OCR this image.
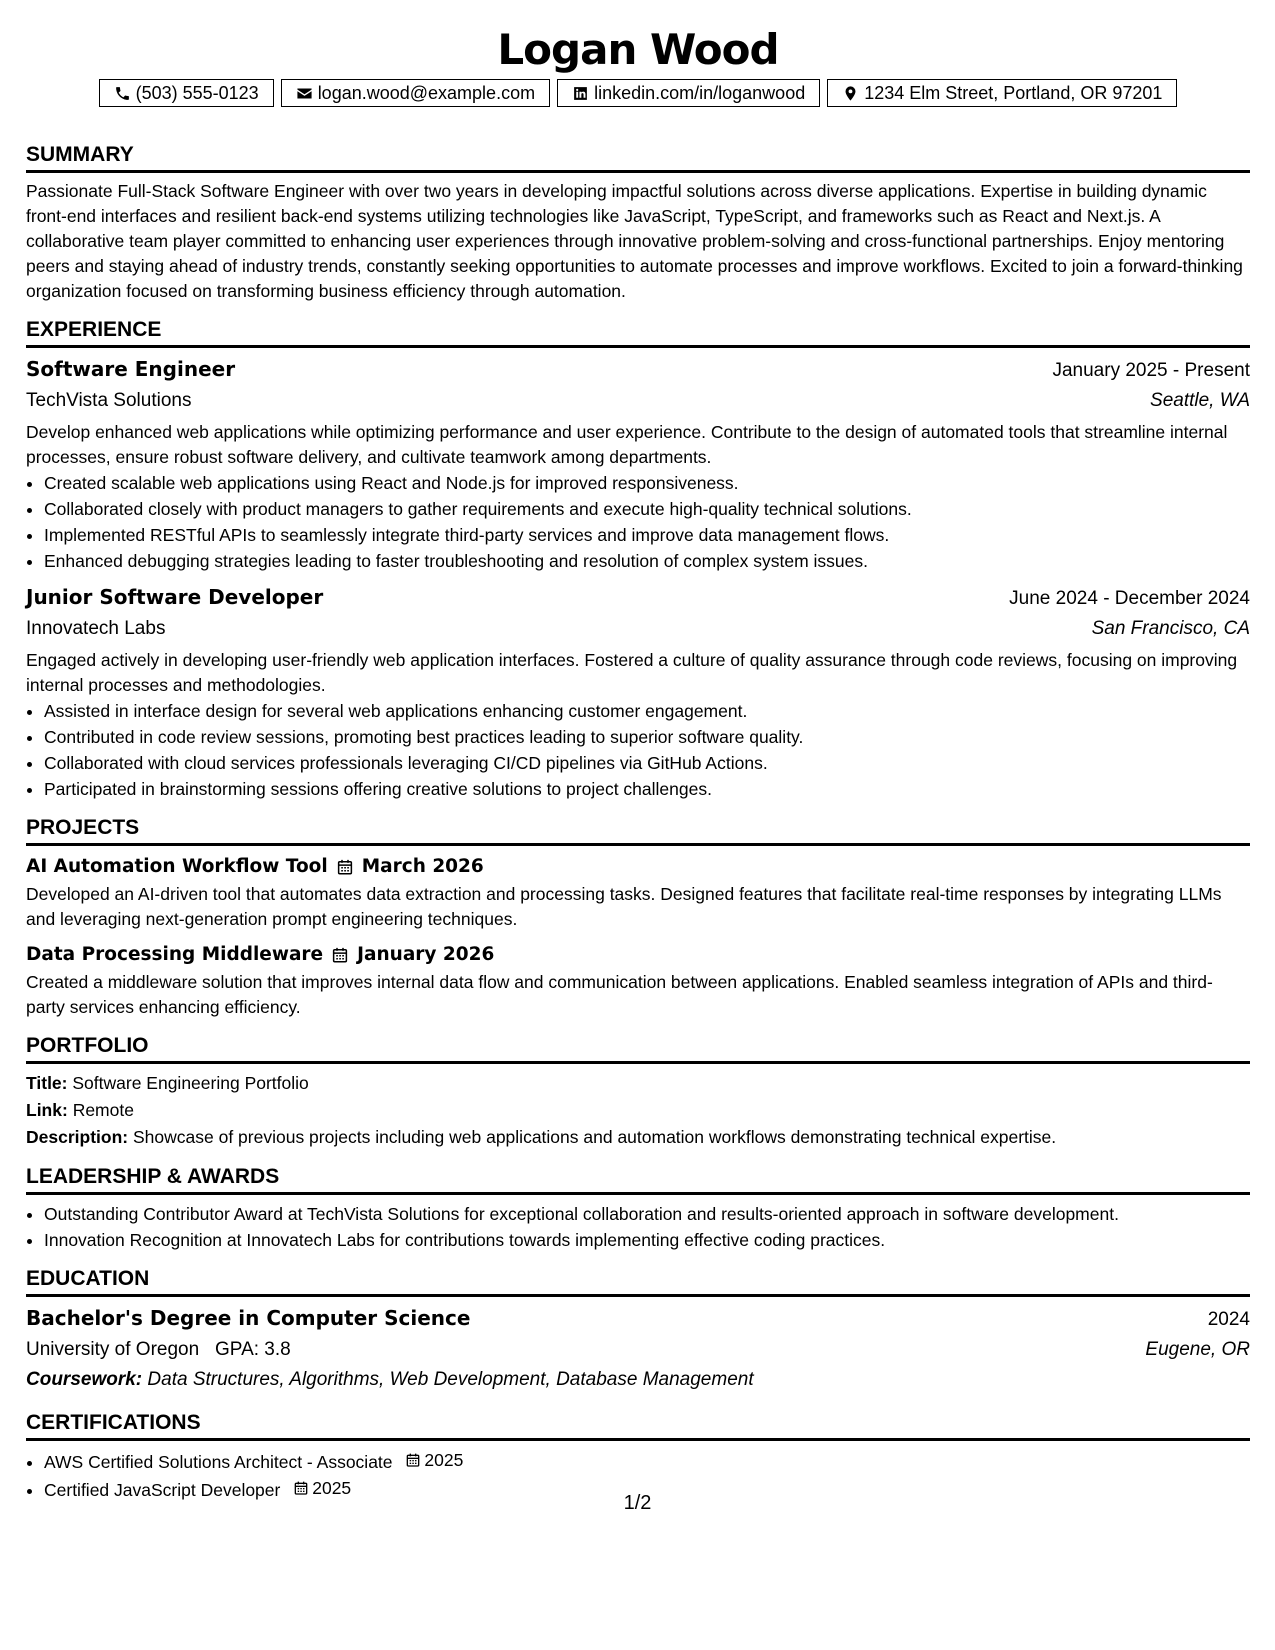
Logan Wood
(503) 555-0123	logan.wood@example.com	linkedin.com/in/loganwood	1234 Elm Street, Portland, OR 97201
SUMMARY

Passionate Full-Stack Software Engineer with over two years in developing impactful solutions across diverse applications. Expertise in building dynamic front-end interfaces and resilient back-end systems utilizing technologies like JavaScript, TypeScript, and frameworks such as React and Next.js. A collaborative team player committed to enhancing user experiences through innovative problem-solving and cross-functional partnerships. Enjoy mentoring peers and staying ahead of industry trends, constantly seeking opportunities to automate processes and improve workflows. Excited to join a forward-thinking organization focused on transforming business efficiency through automation.

EXPERIENCE
Software Engineer	January 2025 - Present
TechVista Solutions	Seattle, WA

Develop enhanced web applications while optimizing performance and user experience. Contribute to the design of automated tools that streamline internal processes, ensure robust software delivery, and cultivate teamwork among departments.

• Created scalable web applications using React and Node.js for improved responsiveness.
• Collaborated closely with product managers to gather requirements and execute high-quality technical solutions.
• Implemented RESTful APIs to seamlessly integrate third-party services and improve data management flows.
• Enhanced debugging strategies leading to faster troubleshooting and resolution of complex system issues.
Junior Software Developer	June 2024 - December 2024
Innovatech Labs	San Francisco, CA

Engaged actively in developing user-friendly web application interfaces. Fostered a culture of quality assurance through code reviews, focusing on improving internal processes and methodologies.

• Assisted in interface design for several web applications enhancing customer engagement.
• Contributed in code review sessions, promoting best practices leading to superior software quality.
• Collaborated with cloud services professionals leveraging CI/CD pipelines via GitHub Actions.
• Participated in brainstorming sessions offering creative solutions to project challenges.
PROJECTS
AI Automation Workflow Tool March 2026

Developed an AI-driven tool that automates data extraction and processing tasks. Designed features that facilitate real-time responses by integrating LLMs and leveraging next-generation prompt engineering techniques.

Data Processing Middleware January 2026

Created a middleware solution that improves internal data flow and communication between applications. Enabled seamless integration of APIs and third-party services enhancing efficiency.

PORTFOLIO
Title: Software Engineering Portfolio
Link: Remote
Description: Showcase of previous projects including web applications and automation workflows demonstrating technical expertise.
LEADERSHIP & AWARDS
• Outstanding Contributor Award at TechVista Solutions for exceptional collaboration and results-oriented approach in software development.
• Innovation Recognition at Innovatech Labs for contributions towards implementing effective coding practices.
EDUCATION
Bachelor's Degree in Computer Science	2024
University of Oregon GPA: 3.8	Eugene, OR
Coursework: Data Structures, Algorithms, Web Development, Database Management
CERTIFICATIONS
• AWS Certified Solutions Architect - Associate 2025
• Certified JavaScript Developer 2025
1/2
